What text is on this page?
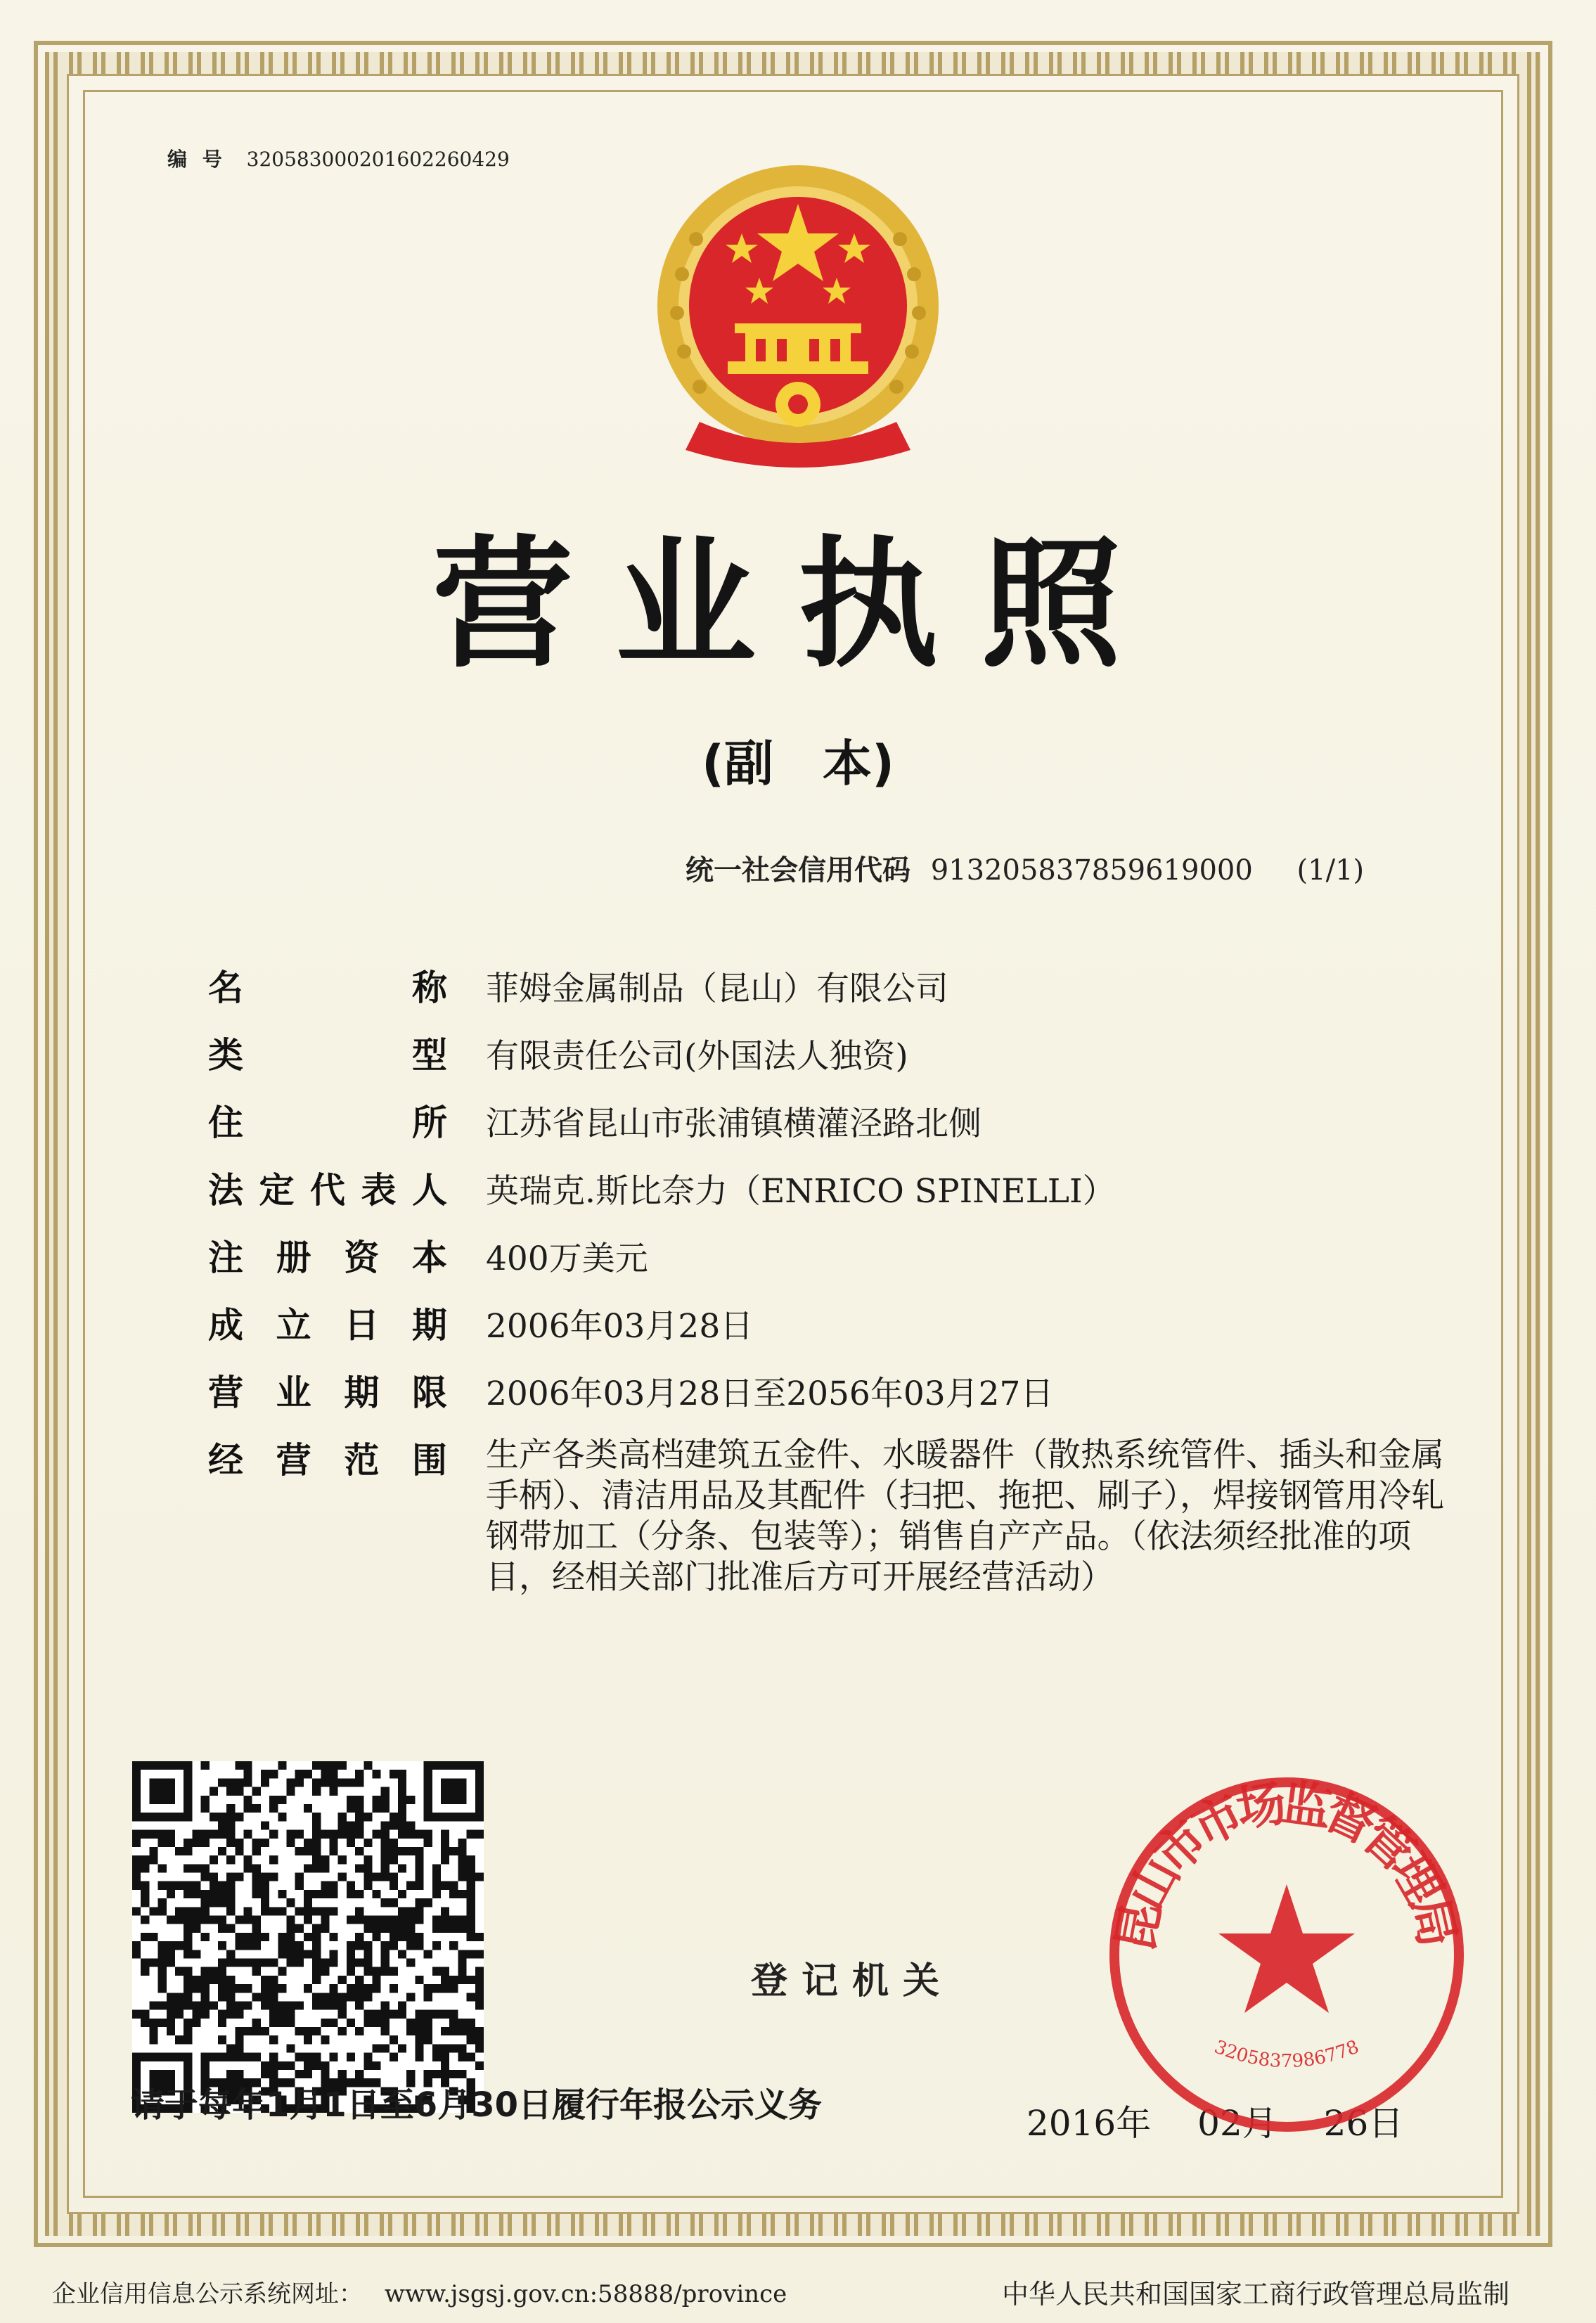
编 号 320583000201602260429
营业执照
(副　本)
统一社会信用代码 913205837859619000 (1/1)
名	称 菲姆金属制品（昆山）有限公司
类	型 有限责任公司(外国法人独资)
住	所 江苏省昆山市张浦镇横灌泾路北侧
法 定 代 表 人 英瑞克.斯比奈力（ENRICO SPINELLI）
注 册 资 本 400万美元
成 立 日 期 2006年03月28日
营 业 期 限 2006年03月28日至2056年03月27日
经 营 范 围 生产各类高档建筑五金件、水暖器件（散热系统管件、插头和金属手柄）、清洁用品及其配件（扫把、拖把、刷子），焊接钢管用冷轧钢带加工（分条、包装等）；销售自产产品。（依法须经批准的项目，经相关部门批准后方可开展经营活动）
登记机关
请于每年1月1日至6月30日履行年报公示义务	2016年　 02月　 26日
昆山市市场监督管理局
3205837986778
企业信用信息公示系统网址： www.jsgsj.gov.cn:58888/province	中华人民共和国国家工商行政管理总局监制
